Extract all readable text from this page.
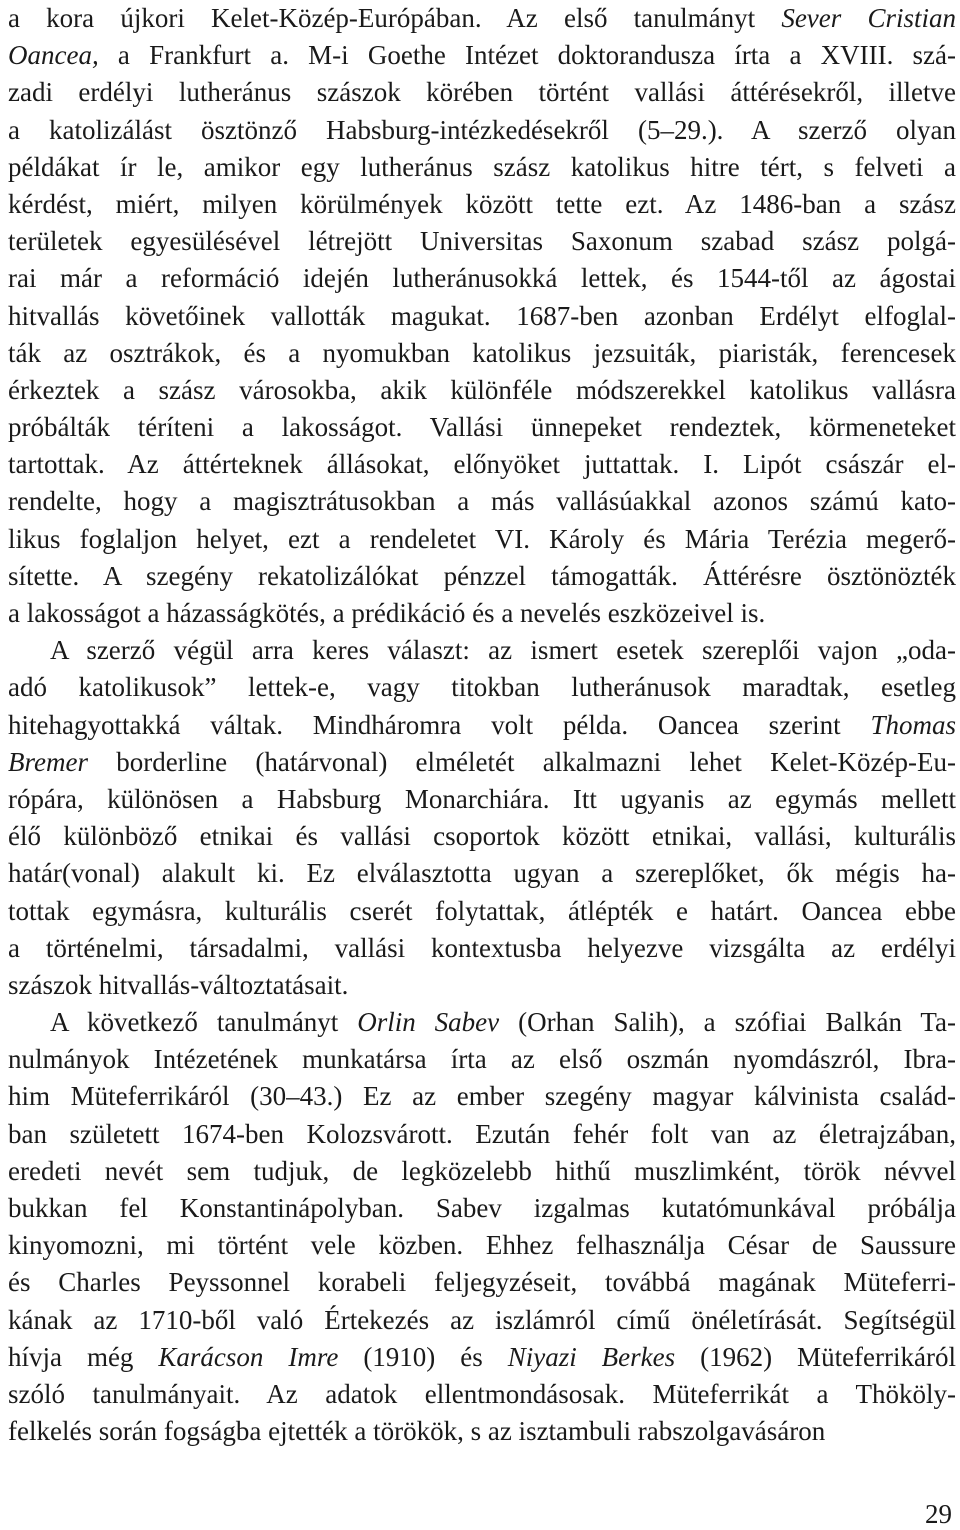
a kora újkori Kelet-Közép-Európában. Az első tanulmányt Sever Cristian
Oancea, a Frankfurt a. M-i Goethe Intézet doktorandusza írta a XVIII. szá-
zadi erdélyi lutheránus szászok körében történt vallási áttérésekről, illetve
a katolizálást ösztönző Habsburg-intézkedésekről (5–29.). A szerző olyan
példákat ír le, amikor egy lutheránus szász katolikus hitre tért, s felveti a
kérdést, miért, milyen körülmények között tette ezt. Az 1486-ban a szász
területek egyesülésével létrejött Universitas Saxonum szabad szász polgá-
rai már a reformáció idején lutheránusokká lettek, és 1544-től az ágostai
hitvallás követőinek vallották magukat. 1687-ben azonban Erdélyt elfoglal-
ták az osztrákok, és a nyomukban katolikus jezsuiták, piaristák, ferencesek
érkeztek a szász városokba, akik különféle módszerekkel katolikus vallásra
próbálták téríteni a lakosságot. Vallási ünnepeket rendeztek, körmeneteket
tartottak. Az áttérteknek állásokat, előnyöket juttattak. I. Lipót császár el-
rendelte, hogy a magisztrátusokban a más vallásúakkal azonos számú kato-
likus foglaljon helyet, ezt a rendeletet VI. Károly és Mária Terézia megerő-
sítette. A szegény rekatolizálókat pénzzel támogatták. Áttérésre ösztönözték
a lakosságot a házasságkötés, a prédikáció és a nevelés eszközeivel is.
A szerző végül arra keres választ: az ismert esetek szereplői vajon „oda-
adó katolikusok” lettek-e, vagy titokban lutheránusok maradtak, esetleg
hitehagyottakká váltak. Mindháromra volt példa. Oancea szerint Thomas
Bremer borderline (határvonal) elméletét alkalmazni lehet Kelet-Közép-Eu-
rópára, különösen a Habsburg Monarchiára. Itt ugyanis az egymás mellett
élő különböző etnikai és vallási csoportok között etnikai, vallási, kulturális
határ(vonal) alakult ki. Ez elválasztotta ugyan a szereplőket, ők mégis ha-
tottak egymásra, kulturális cserét folytattak, átlépték e határt. Oancea ebbe
a történelmi, társadalmi, vallási kontextusba helyezve vizsgálta az erdélyi
szászok hitvallás-változtatásait.
A következő tanulmányt Orlin Sabev (Orhan Salih), a szófiai Balkán Ta-
nulmányok Intézetének munkatársa írta az első oszmán nyomdászról, Ibra-
him Müteferrikáról (30–43.) Ez az ember szegény magyar kálvinista család-
ban született 1674-ben Kolozsvárott. Ezután fehér folt van az életrajzában,
eredeti nevét sem tudjuk, de legközelebb hithű muszlimként, török névvel
bukkan fel Konstantinápolyban. Sabev izgalmas kutatómunkával próbálja
kinyomozni, mi történt vele közben. Ehhez felhasználja César de Saussure
és Charles Peyssonnel korabeli feljegyzéseit, továbbá magának Müteferri-
kának az 1710-ből való Értekezés az iszlámról című önéletírását. Segítségül
hívja még Karácson Imre (1910) és Niyazi Berkes (1962) Müteferrikáról
szóló tanulmányait. Az adatok ellentmondásosak. Müteferrikát a Thököly-
felkelés során fogságba ejtették a törökök, s az isztambuli rabszolgavásáron
29
